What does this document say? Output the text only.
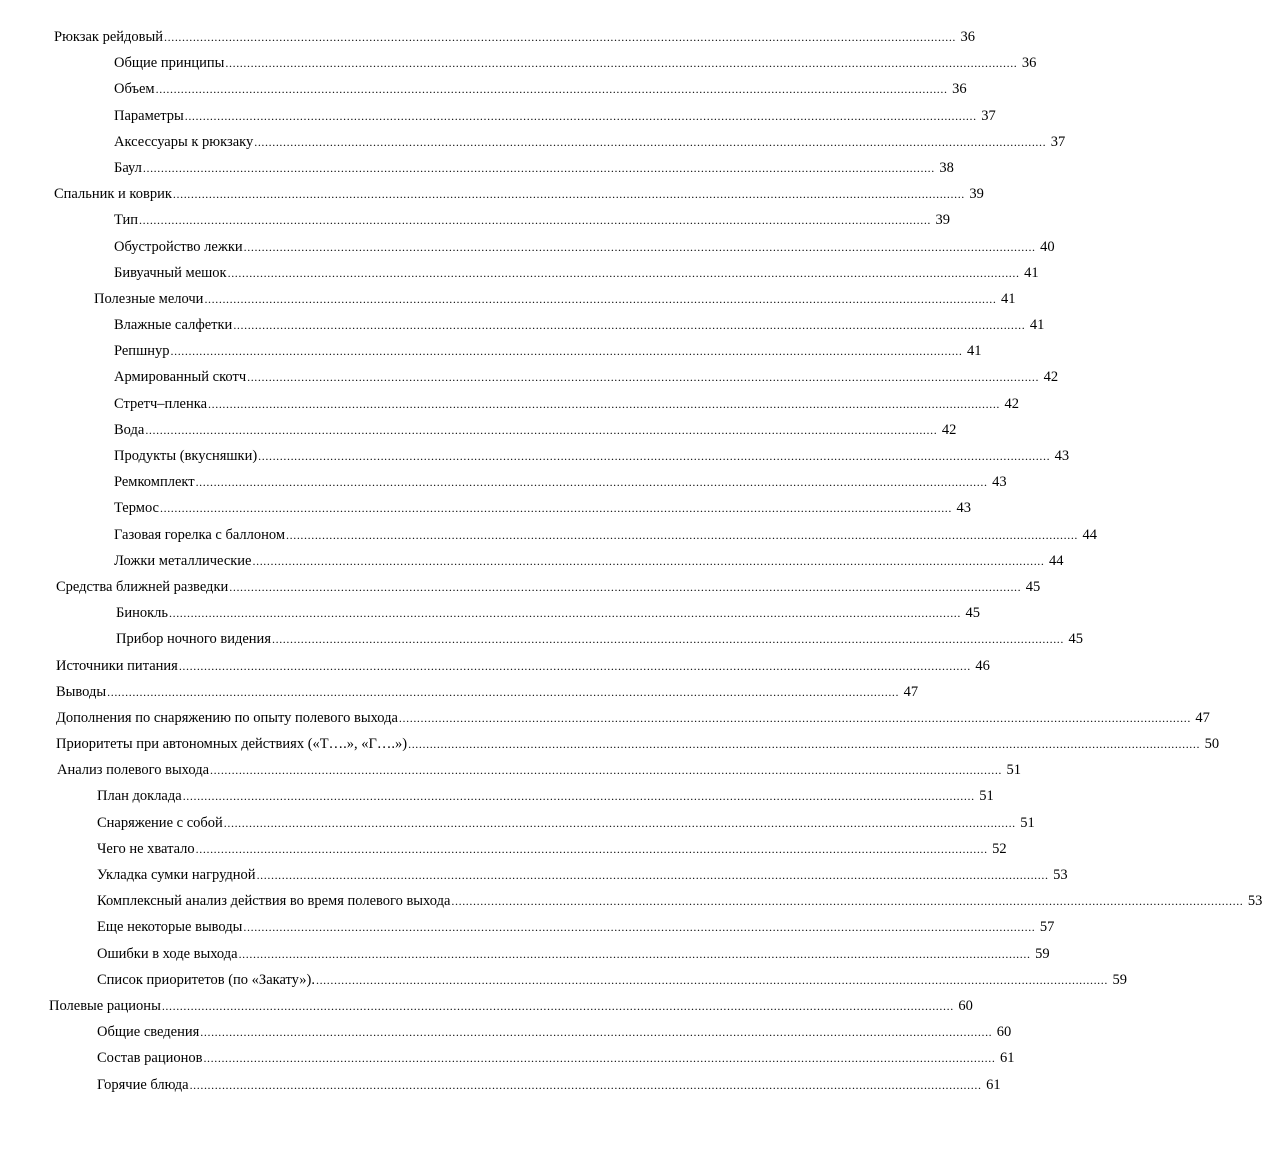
Рюкзак рейдовый ............................................................................................................................................................................................................................ 36
Общие принципы ............................................................................................................................................................................................................................ 36
Объем ............................................................................................................................................................................................................................ 36
Параметры ............................................................................................................................................................................................................................ 37
Аксессуары к рюкзаку ............................................................................................................................................................................................................................ 37
Баул ............................................................................................................................................................................................................................ 38
Спальник и коврик ............................................................................................................................................................................................................................ 39
Тип ............................................................................................................................................................................................................................ 39
Обустройство лежки ............................................................................................................................................................................................................................ 40
Бивуачный мешок ............................................................................................................................................................................................................................ 41
Полезные мелочи ............................................................................................................................................................................................................................ 41
Влажные салфетки ............................................................................................................................................................................................................................ 41
Репшнур ............................................................................................................................................................................................................................ 41
Армированный скотч ............................................................................................................................................................................................................................ 42
Стретч–пленка ............................................................................................................................................................................................................................ 42
Вода ............................................................................................................................................................................................................................ 42
Продукты (вкусняшки) ............................................................................................................................................................................................................................ 43
Ремкомплект ............................................................................................................................................................................................................................ 43
Термос ............................................................................................................................................................................................................................ 43
Газовая горелка с баллоном ............................................................................................................................................................................................................................ 44
Ложки металлические ............................................................................................................................................................................................................................ 44
Средства ближней разведки ............................................................................................................................................................................................................................ 45
Бинокль ............................................................................................................................................................................................................................ 45
Прибор ночного видения ............................................................................................................................................................................................................................ 45
Источники питания ............................................................................................................................................................................................................................ 46
Выводы ............................................................................................................................................................................................................................ 47
Дополнения по снаряжению по опыту полевого выхода ............................................................................................................................................................................................................................ 47
Приоритеты при автономных действиях («Т….», «Г….») ............................................................................................................................................................................................................................ 50
Анализ полевого выхода ............................................................................................................................................................................................................................ 51
План доклада ............................................................................................................................................................................................................................ 51
Снаряжение с собой ............................................................................................................................................................................................................................ 51
Чего не хватало ............................................................................................................................................................................................................................ 52
Укладка сумки нагрудной ............................................................................................................................................................................................................................ 53
Комплексный анализ действия во время полевого выхода ............................................................................................................................................................................................................................ 53
Еще некоторые выводы ............................................................................................................................................................................................................................ 57
Ошибки в ходе выхода ............................................................................................................................................................................................................................ 59
Список приоритетов (по «Закату»). ............................................................................................................................................................................................................................ 59
Полевые рационы ............................................................................................................................................................................................................................ 60
Общие сведения ............................................................................................................................................................................................................................ 60
Состав рационов ............................................................................................................................................................................................................................ 61
Горячие блюда ............................................................................................................................................................................................................................ 61
